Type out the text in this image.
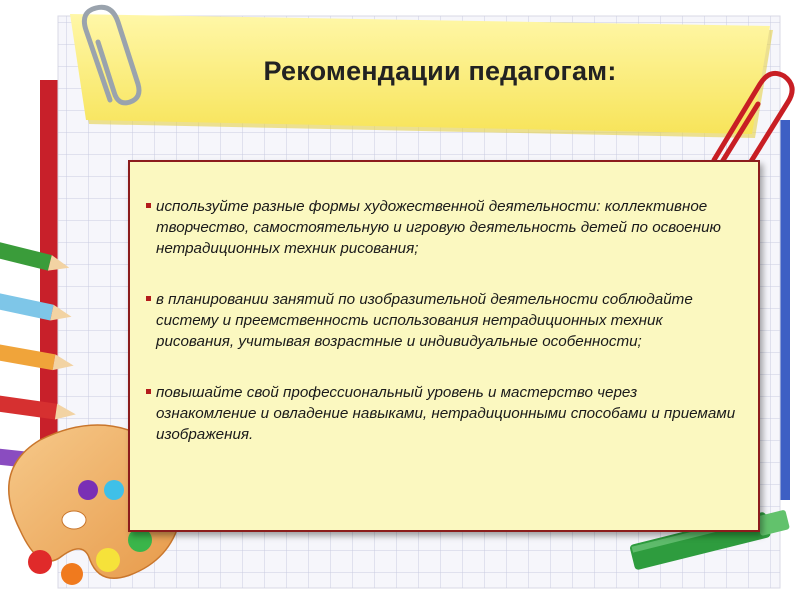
Рекомендации педагогам:
используйте разные формы художественной деятельности: коллективное творчество, самостоятельную и игровую деятельность детей по освоению нетрадиционных техник рисования;
в планировании занятий по изобразительной деятельности соблюдайте систему и преемственность использования нетрадиционных техник рисования, учитывая возрастные и индивидуальные особенности;
повышайте свой профессиональный уровень и мастерство через ознакомление и овладение навыками, нетрадиционными способами и приемами изображения.
